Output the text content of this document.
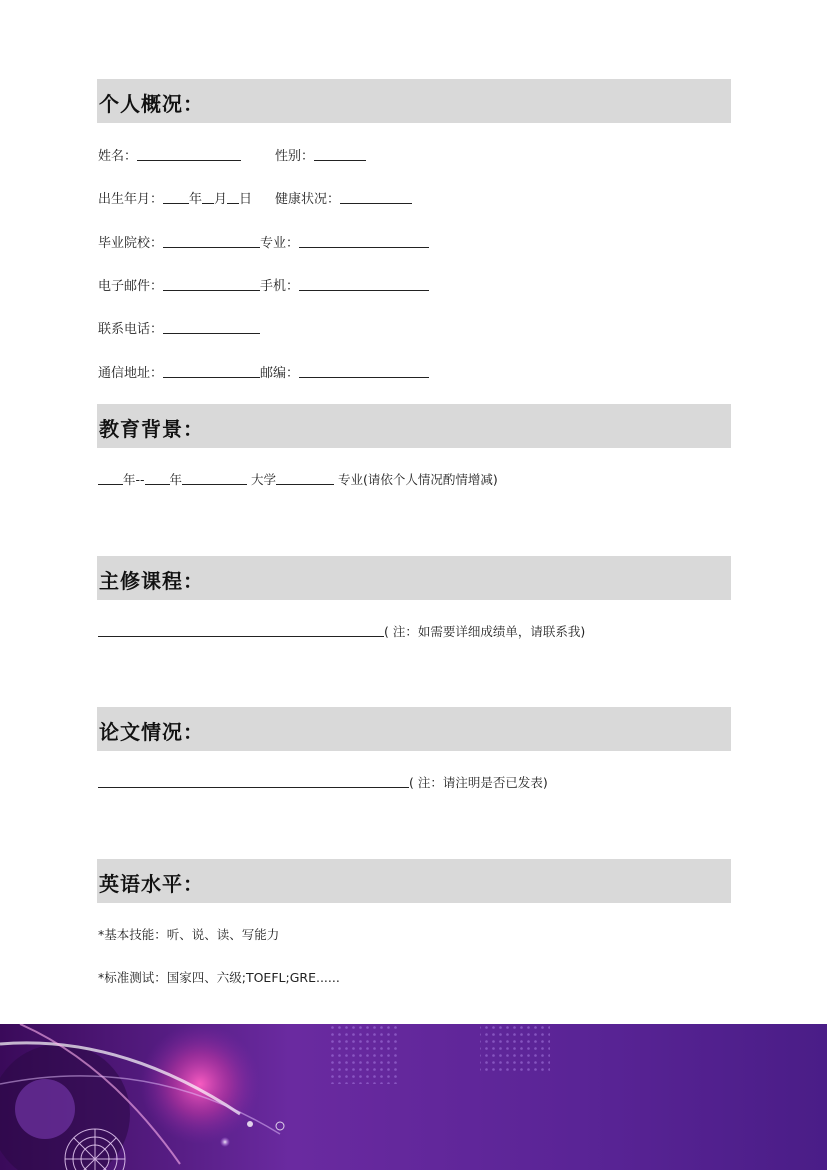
个人概况：
姓名：	性别：
出生年月： 年 月 日 健康状况：
毕业院校：	专业：
电子邮件：	手机：
联系电话：
通信地址：	邮编：
教育背景：
年-- 年	大学	专业(请依个人情况酌情增减)
主修课程：
( 注：如需要详细成绩单，请联系我)
论文情况：
( 注：请注明是否已发表)
英语水平：
*基本技能：听、说、读、写能力
*标准测试：国家四、六级;TOEFL;GRE......
